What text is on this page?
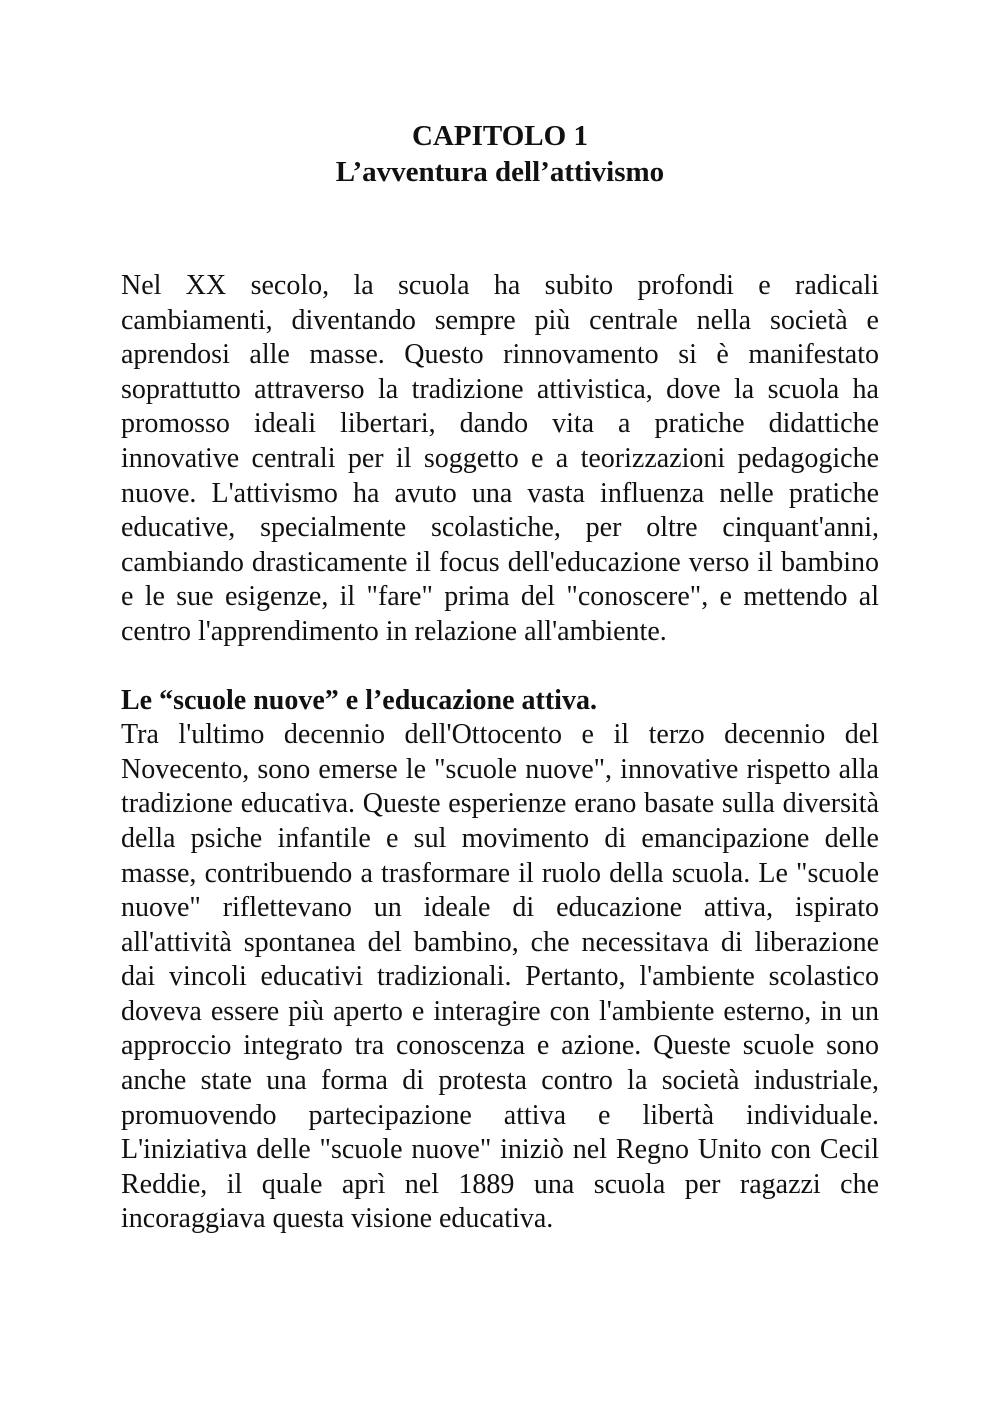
CAPITOLO 1
L’avventura dell’attivismo

Nel XX secolo, la scuola ha subito profondi e radicali cambiamenti, diventando sempre più centrale nella società e aprendosi alle masse. Questo rinnovamento si è manifestato soprattutto attraverso la tradizione attivistica, dove la scuola ha promosso ideali libertari, dando vita a pratiche didattiche innovative centrali per il soggetto e a teorizzazioni pedagogiche nuove. L'attivismo ha avuto una vasta influenza nelle pratiche educative, specialmente scolastiche, per oltre cinquant'anni, cambiando drasticamente il focus dell'educazione verso il bambino e le sue esigenze, il "fare" prima del "conoscere", e mettendo al centro l'apprendimento in relazione all'ambiente.

Le “scuole nuove” e l’educazione attiva.

Tra l'ultimo decennio dell'Ottocento e il terzo decennio del Novecento, sono emerse le "scuole nuove", innovative rispetto alla tradizione educativa. Queste esperienze erano basate sulla diversità della psiche infantile e sul movimento di emancipazione delle masse, contribuendo a trasformare il ruolo della scuola. Le "scuole nuove" riflettevano un ideale di educazione attiva, ispirato all'attività spontanea del bambino, che necessitava di liberazione dai vincoli educativi tradizionali. Pertanto, l'ambiente scolastico doveva essere più aperto e interagire con l'ambiente esterno, in un approccio integrato tra conoscenza e azione. Queste scuole sono anche state una forma di protesta contro la società industriale, promuovendo partecipazione attiva e libertà individuale. L'iniziativa delle "scuole nuove" iniziò nel Regno Unito con Cecil Reddie, il quale aprì nel 1889 una scuola per ragazzi che incoraggiava questa visione educativa.
